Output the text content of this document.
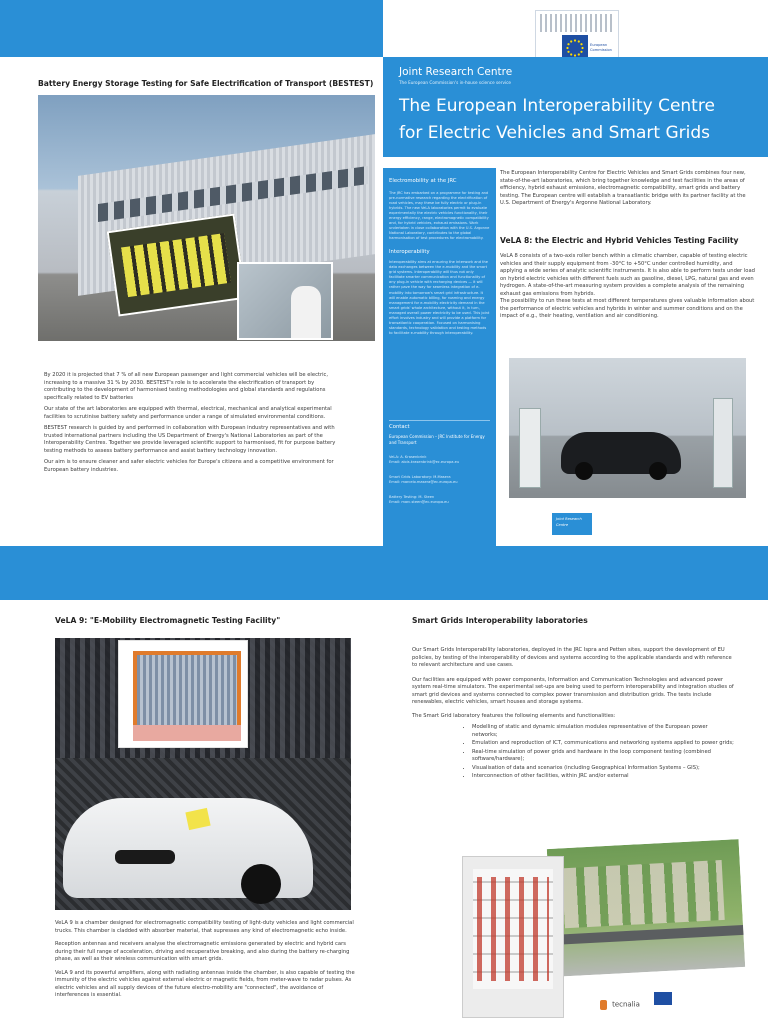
European
Commission
Joint Research Centre
The European Commission's in-house science service
The European Interoperability Centre
for Electric Vehicles and Smart Grids
Battery Energy Storage Testing for Safe Electrification of Transport (BESTEST)

By 2020 it is projected that 7 % of all new European passenger and light commercial vehicles will be electric, increasing to a massive 31 % by 2030. BESTEST's role is to accelerate the electrification of transport by contributing to the development of harmonised testing methodologies and global standards and regulations specifically related to EV batteries

Our state of the art laboratories are equipped with thermal, electrical, mechanical and analytical experimental facilities to scrutinise battery safety and performance under a range of simulated environmental conditions.

BESTEST research is guided by and performed in collaboration with European industry representatives and with trusted international partners including the US Department of Energy's National Laboratories as part of the Interoperability Centres. Together we provide leveraged scientific support to harmonised, fit for purpose battery testing methods to assess battery performance and assist battery technology innovation.

Our aim is to ensure cleaner and safer electric vehicles for Europe's citizens and a competitive environment for European battery industries.

Electromobility at the JRC

The JRC has embarked on a programme for testing and pre-normative research regarding the electrification of road vehicles, may these be fully electric or plug-in hybrids. The new VeLA laboratories permit to evaluate experimentally the electric vehicles functionality, their energy efficiency, range, electromagnetic compatibility and, for hybrid vehicles, exhaust emissions. Work undertaken in close collaboration with the U.S. Argonne National Laboratory, contributes to the global harmonisation of test procedures for electromobility.

Interoperability

Interoperability aims at ensuring the interwork and the data exchanges between the e-mobility and the smart grid systems. Interoperability will thus not only facilitate smarter communication and functionality of any plug-in vehicle with recharging devices — it will rather pave the way for seamless integration of e-mobility into tomorrow's smart grid infrastructure. It will enable automatic billing, for roaming and energy management for e-mobility electricity demand in the smart grids' whole architecture, without it, in turn, managed overall power electricity to be used. This joint effort involves industry and will provide a platform for transatlantic cooperation. Focused on harmonising standards, technology validation and testing methods to facilitate e-mobility through interoperability.

Contact

European Commission – JRC Institute for Energy and Transport

VeLA: A. Krasenbrink

Email: alois.krasenbrink@ec.europa.eu

Smart Grids Laboratory: M.Masera

Email: marcelo.masera@ec.europa.eu

Battery Testing: M. Steen

Email: marc.steen@ec.europa.eu

The European Interoperability Centre for Electric Vehicles and Smart Grids combines four new, state-of-the-art laboratories, which bring together knowledge and test facilities in the areas of efficiency, hybrid exhaust emissions, electromagnetic compatibility, smart grids and battery testing. The European centre will establish a transatlantic bridge with its partner facility at the U.S. Department of Energy's Argonne National Laboratory.
VeLA 8: the Electric and Hybrid Vehicles Testing Facility

VeLA 8 consists of a two-axis roller bench within a climatic chamber, capable of testing electric vehicles and their supply equipment from -30°C to +50°C under controlled humidity, and applying a wide series of analytic scientific instruments. It is also able to perform tests under load on hybrid electric vehicles with different fuels such as gasoline, diesel, LPG, natural gas and even hydrogen. A state-of-the-art measuring system provides a complete analysis of the remaining exhaust gas emissions from hybrids.

The possibility to run these tests at most different temperatures gives valuable information about the performance of electric vehicles and hybrids in winter and summer conditions and on the impact of e.g., their heating, ventilation and air conditioning.

Joint Research
Centre
VeLA 9: "E-Mobility Electromagnetic Testing Facility"

VeLA 9 is a chamber designed for electromagnetic compatibility testing of light-duty vehicles and light commercial trucks. This chamber is cladded with absorber material, that supresses any kind of electromagnetic echo inside.

Reception antennas and receivers analyse the electromagnetic emissions generated by electric and hybrid cars during their full range of acceleration, driving and recuperative breaking, and also during the battery re-charging phase, as well as their wireless communication with smart grids.

VeLA 9 and its powerful amplifiers, along with radiating antennas inside the chamber, is also capable of testing the immunity of the electric vehicles against external electric or magnetic fields, from meter-wave to radar pulses. As electric vehicles and all supply devices of the future electro-mobility are "connected", the avoidance of interferences is essential.

Smart Grids Interoperability laboratories

Our Smart Grids Interoperability laboratories, deployed in the JRC Ispra and Petten sites, support the development of EU policies, by testing of the interoperability of devices and systems according to the applicable standards and with reference to relevant architecture and use cases.

Our facilities are equipped with power components, Information and Communication Technologies and advanced power system real-time simulators. The experimental set-ups are being used to perform interoperability and integration studies of smart grid devices and systems connected to complex power transmission and distribution grids. The tests include renewables, electric vehicles, smart houses and storage systems.

The Smart Grid laboratory features the following elements and functionalities:

• Modelling of static and dynamic simulation modules representative of the European power networks;
• Emulation and reproduction of ICT, communications and networking systems applied to power grids;
• Real-time simulation of power grids and hardware in the loop component testing (combined software/hardware);
• Visualisation of data and scenarios (including Geographical Information Systems – GIS);
• Interconnection of other facilities, within JRC and/or external
tecnalia
